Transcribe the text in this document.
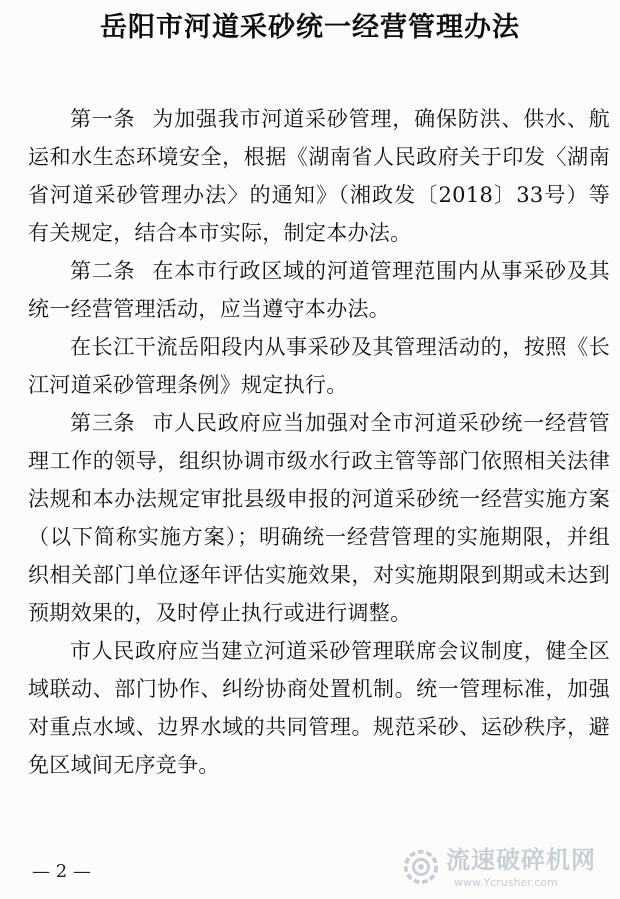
岳阳市河道采砂统一经营管理办法

第一条 为加强我市河道采砂管理，确保防洪、供水、航运和水生态环境安全，根据《湖南省人民政府关于印发〈湖南省河道采砂管理办法〉的通知》（湘政发〔2018〕33号）等有关规定，结合本市实际，制定本办法。

第二条 在本市行政区域的河道管理范围内从事采砂及其统一经营管理活动，应当遵守本办法。

在长江干流岳阳段内从事采砂及其管理活动的，按照《长江河道采砂管理条例》规定执行。

第三条 市人民政府应当加强对全市河道采砂统一经营管理工作的领导，组织协调市级水行政主管等部门依照相关法律法规和本办法规定审批县级申报的河道采砂统一经营实施方案（以下简称实施方案）；明确统一经营管理的实施期限，并组织相关部门单位逐年评估实施效果，对实施期限到期或未达到预期效果的，及时停止执行或进行调整。

市人民政府应当建立河道采砂管理联席会议制度，健全区域联动、部门协作、纠纷协商处置机制。统一管理标准，加强对重点水域、边界水域的共同管理。规范采砂、运砂秩序，避免区域间无序竞争。

— 2 —	流速破碎机网
www.Ycrusher.com
